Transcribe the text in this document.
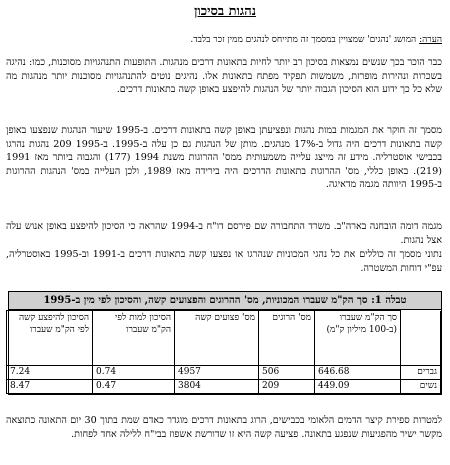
נהגות בסיכון
הערה: המושג 'נהגים' שמצויין במסמך זה מתייחס לנהגים ממין זכר בלבד.
כבר הוכר בכך שנשים נמצאות בסיכון רב יותר לחיות בתאונות דרכים מנהגות. התופעות התנהגויות מסוכנות, כמו: נהיגה בשכרות ונהירות מופרזת, משמשות תפקיד מפתח בתאונות אלו. נהיגים נוטים להתנהגויות מסוכנות יותר מנהגות מה שלא כל כך ידוע הוא הסיכון הגבוה יותר של הנהגות להיפצע באופן קשה בתאונות דרכים.
מסמך זה חוקר את המגמות במות נהגות ונפציעתן באופן קשה בתאונות דרכים. ב-1995 שיעור הנהגות שנפצעו באופן קשה בתאונות דרכים היה גדול ב-17% מנהגים. מותן של הנהגות גם כן עלה ב-1995. ב-1995 209 נהגות נהרגו בכבישי אוסטרליה. מידע זה מייצג עלייה משמעותית ממס' ההרוגות משנת 1994 (177) והגבוה ביותר מאז 1991 (219). באופן כללי, מס' ההרוגות בתאונות הדרכים היה בירידה מאז 1989, ולכן העלייה במס' הנהגות ההרוגות ב-1995 היוותה מגמה מדאיגה.
מגמה דומה הובחנה בארה"ב. משרד התחבורה שם פירסם דו"ח ב-1994 שהראה כי הסיכון להיפצע באופן אנוש עלה אצל נהגות.
נתוני מסמך זה כוללים את כל נהגי המכוניות שנהרגו או נפצעו קשה בתאונות דרכים ב-1991 וב-1995 באוסטרליה, עפ"י דוחות המשטרה.
טבלה 1: סך הק"מ שעברו המכוניות, מס' ההרוגים והפצועים קשה, והסיכון לפי מין ב-1995
	סך הק"מ שעברו (ב-100 מיליון ק"מ)	מס' הרוגים	מס' פצועים קשה	הסיכון למות לפי הק"מ שעברו	הסיכון להיפצע קשה לפי הק"מ שעברו
גברים	646.68	506	4957	0.74	7.24
נשים	449.09	209	3804	0.47	8.47
למטרות ספירת קיצר הדמים הלאומי בכבישים, הרוג בתאונות דרכים מוגדר כאדם שמת בתוך 30 יום התאונה כתוצאה מקשר ישיר מהפגיעות שנפגע בתאונה. פציעה קשה היא זו שדורשת אשפוז בבי"ח ללילה אחד לפחות.
